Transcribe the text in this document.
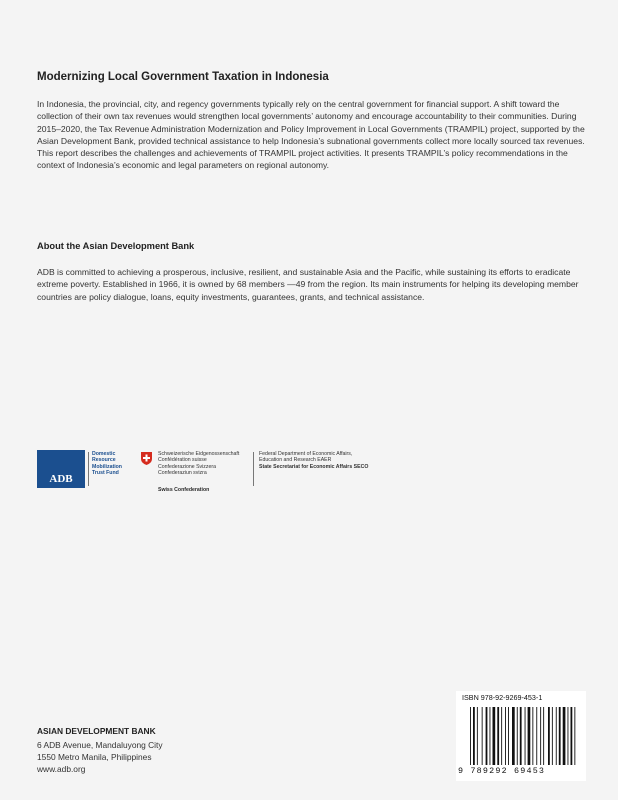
Modernizing Local Government Taxation in Indonesia

In Indonesia, the provincial, city, and regency governments typically rely on the central government for financial support. A shift toward the collection of their own tax revenues would strengthen local governments’ autonomy and encourage accountability to their communities. During 2015–2020, the Tax Revenue Administration Modernization and Policy Improvement in Local Governments (TRAMPIL) project, supported by the Asian Development Bank, provided technical assistance to help Indonesia’s subnational governments collect more locally sourced tax revenues. This report describes the challenges and achievements of TRAMPIL project activities. It presents TRAMPIL’s policy recommendations in the context of Indonesia’s economic and legal parameters on regional autonomy.

About the Asian Development Bank

ADB is committed to achieving a prosperous, inclusive, resilient, and sustainable Asia and the Pacific, while sustaining its efforts to eradicate extreme poverty. Established in 1966, it is owned by 68 members —49 from the region. Its main instruments for helping its developing member countries are policy dialogue, loans, equity investments, guarantees, grants, and technical assistance.

ADB
Domestic
Resource
Mobilization
Trust Fund
Schweizerische Eidgenossenschaft
Confédération suisse
Confederazione Svizzera
Confederaziun svizra
Swiss Confederation
Federal Department of Economic Affairs,
Education and Research EAER
State Secretariat for Economic Affairs SECO

ASIAN DEVELOPMENT BANK

6 ADB Avenue, Mandaluyong City

1550 Metro Manila, Philippines

www.adb.org

ISBN 978-92-9269-453-1
9 789292 69453
